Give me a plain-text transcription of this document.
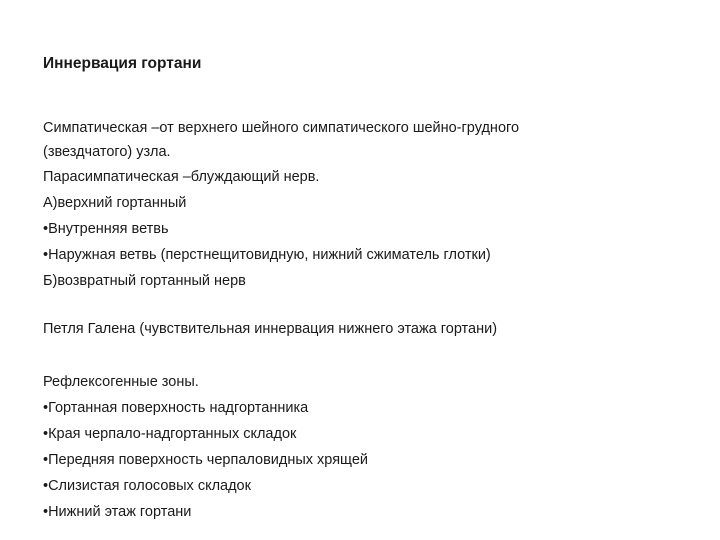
Иннервация гортани
Симпатическая –от верхнего шейного симпатического шейно-грудного (звездчатого) узла.
Парасимпатическая –блуждающий нерв.
А)верхний гортанный
•Внутренняя ветвь
•Наружная ветвь (перстнещитовидную, нижний сжиматель глотки)
Б)возвратный гортанный нерв
Петля Галена (чувствительная иннервация нижнего этажа гортани)
Рефлексогенные зоны.
•Гортанная поверхность надгортанника
•Края черпало-надгортанных складок
•Передняя поверхность черпаловидных хрящей
•Слизистая голосовых складок
•Нижний этаж гортани
